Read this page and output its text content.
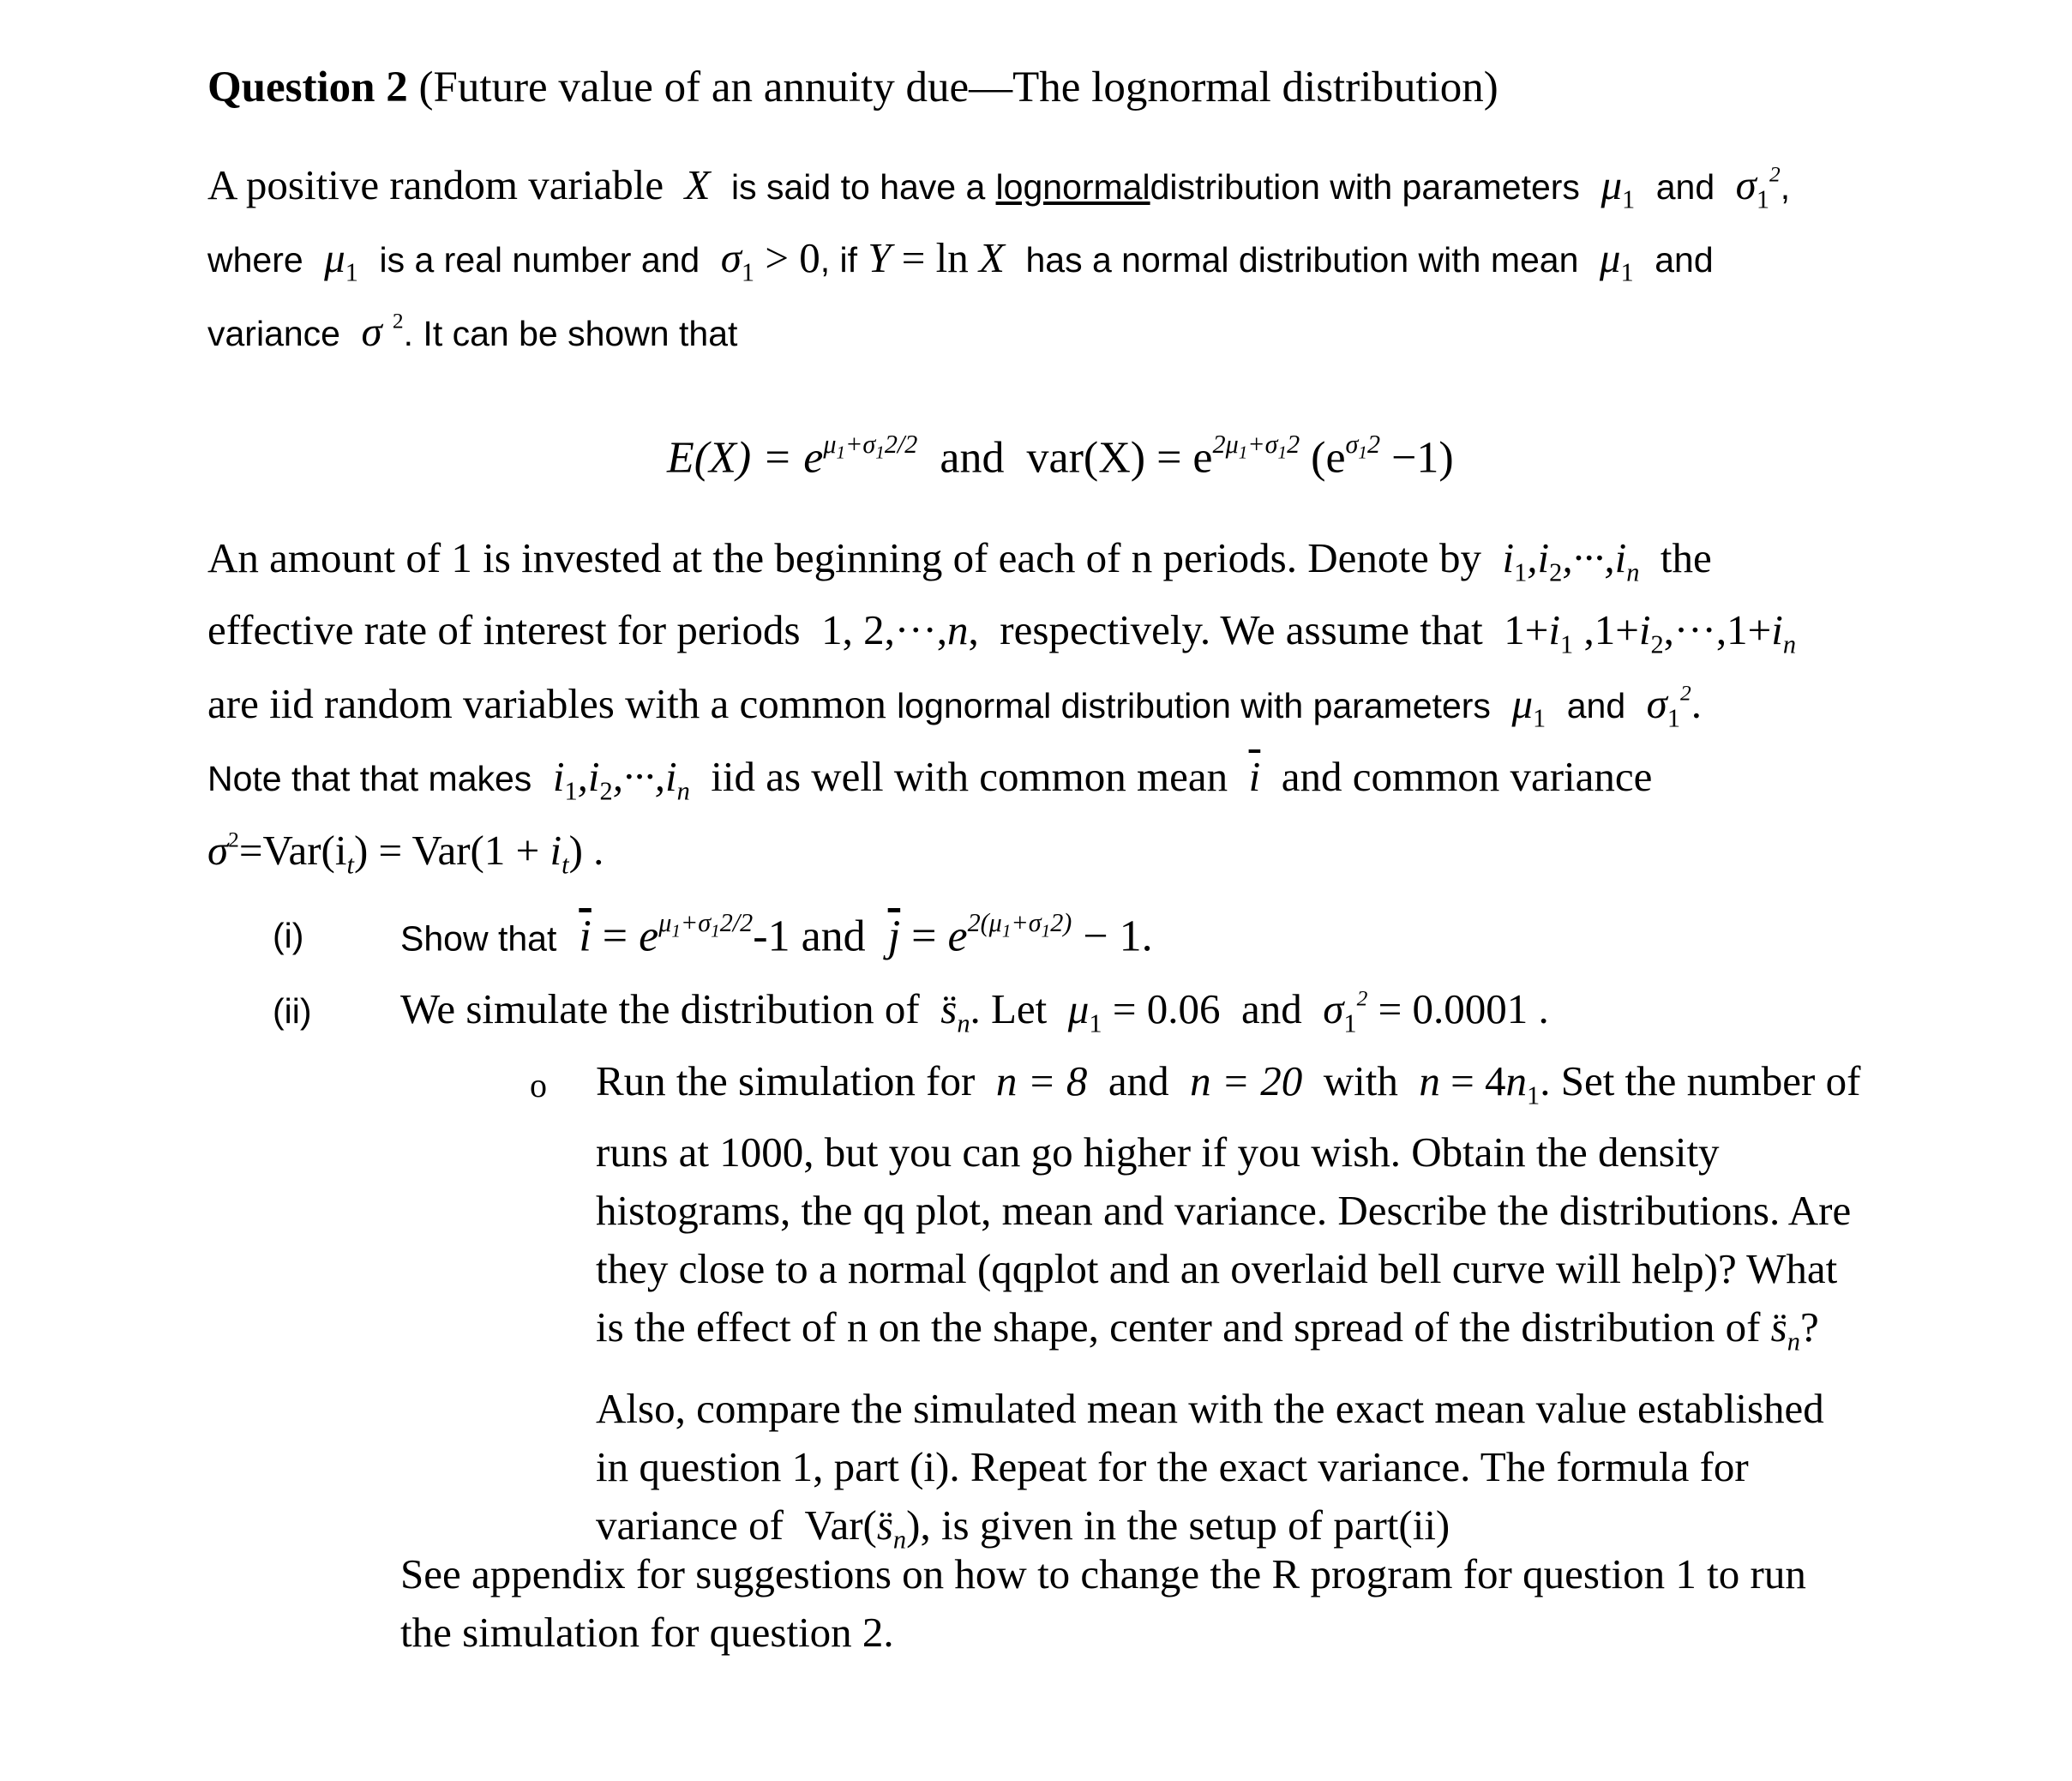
Question 2 (Future value of an annuity due—The lognormal distribution)
A positive random variable X is said to have a lognormaldistribution with parameters $\mu_1$ and $\sigma_1^2$,
where $\mu_1$ is a real number and $\sigma_1 > 0$, if Y = ln X has a normal distribution with mean $\mu_1$ and
variance σ $^2$. It can be shown that
$E(X) = e^{\mu_1+\sigma_12/2}$ and $var(X) = e^{2\mu_1+\sigma_12}$ $(e^{\sigma_12} -1)$
An amount of 1 is invested at the beginning of each of n periods. Denote by $i_1,i_2,\cdot\cdot\cdot,i_n$ the
effective rate of interest for periods 1, 2,···,n, respectively. We assume that $1+i_1$ $,1+i_2,\cdot\cdot\cdot,1+i_n$
are iid random variables with a common lognormal distribution with parameters $\mu_1$ and $\sigma_1^2$.
Note that that makes $i_1,i_2,\cdot\cdot\cdot,i_n$ iid as well with common mean $\overline{i}$ and common variance
$\sigma^2=Var(i_t) = Var(1 + i_t)$ .
(i)	Show that $\overline{i} = e^{\mu_1+\sigma_12/2}-1$ and $\overline{j} = e^{2(\mu_1+\sigma_12)} - 1$.
(ii) We simulate the distribution of $s̈_n$. Let $\mu_1 = 0.06$ and $\sigma_1^2 = 0.0001$ .
o Run the simulation for n = 8 and n = 20 with $n = 4n_1$. Set the number of
runs at 1000, but you can go higher if you wish. Obtain the density
histograms, the qq plot, mean and variance. Describe the distributions. Are
they close to a normal (qqplot and an overlaid bell curve will help)? What
is the effect of n on the shape, center and spread of the distribution of $s̈_n$?
Also, compare the simulated mean with the exact mean value established
in question 1, part (i). Repeat for the exact variance. The formula for
variance of $Var(s̈_n)$, is given in the setup of part(ii)
See appendix for suggestions on how to change the R program for question 1 to run
the simulation for question 2.
